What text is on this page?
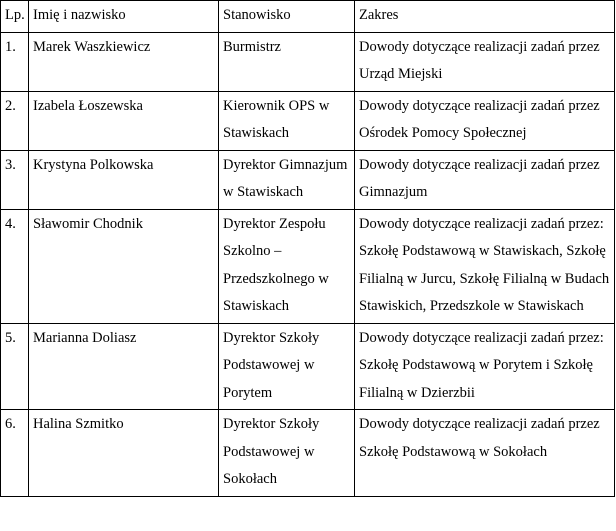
Lp.	Imię i nazwisko	Stanowisko	Zakres
1.	Marek Waszkiewicz	Burmistrz	Dowody dotyczące realizacji zadań przez Urząd Miejski
2.	Izabela Łoszewska	Kierownik OPS w Stawiskach	Dowody dotyczące realizacji zadań przez Ośrodek Pomocy Społecznej
3.	Krystyna Polkowska	Dyrektor Gimnazjum w Stawiskach	Dowody dotyczące realizacji zadań przez Gimnazjum
4.	Sławomir Chodnik	Dyrektor Zespołu Szkolno – Przedszkolnego w Stawiskach	Dowody dotyczące realizacji zadań przez: Szkołę Podstawową w Stawiskach, Szkołę Filialną w Jurcu, Szkołę Filialną w Budach Stawiskich, Przedszkole w Stawiskach
5.	Marianna Doliasz	Dyrektor Szkoły Podstawowej w Porytem	Dowody dotyczące realizacji zadań przez: Szkołę Podstawową w Porytem i Szkołę Filialną w Dzierzbii
6.	Halina Szmitko	Dyrektor Szkoły Podstawowej w Sokołach	Dowody dotyczące realizacji zadań przez Szkołę Podstawową w Sokołach
